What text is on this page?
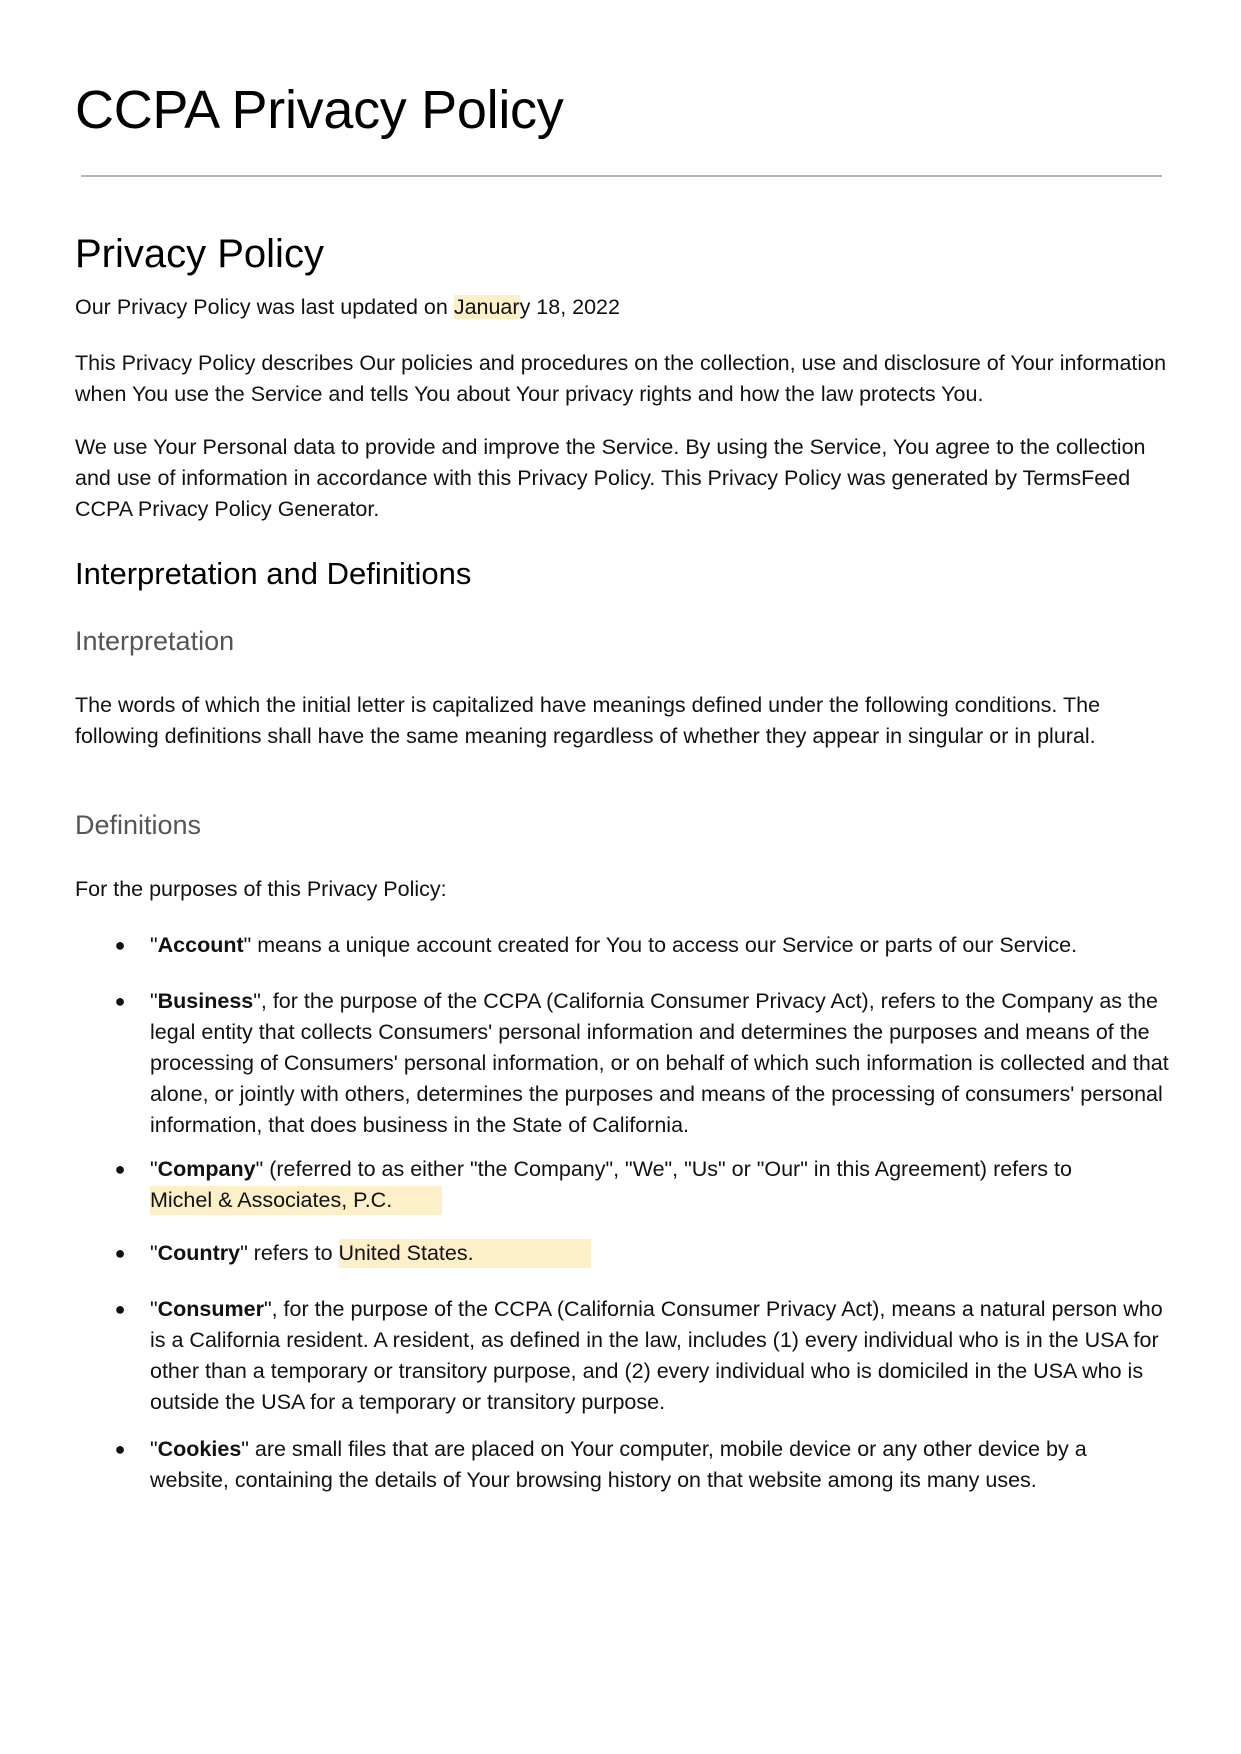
CCPA Privacy Policy
Privacy Policy

Our Privacy Policy was last updated on January 18, 2022

This Privacy Policy describes Our policies and procedures on the collection, use and disclosure of Your information when You use the Service and tells You about Your privacy rights and how the law protects You.

We use Your Personal data to provide and improve the Service. By using the Service, You agree to the collection and use of information in accordance with this Privacy Policy. This Privacy Policy was generated by TermsFeed CCPA Privacy Policy Generator.

Interpretation and Definitions
Interpretation

The words of which the initial letter is capitalized have meanings defined under the following conditions. The following definitions shall have the same meaning regardless of whether they appear in singular or in plural.

Definitions

For the purposes of this Privacy Policy:

● "Account" means a unique account created for You to access our Service or parts of our Service.
● "Business", for the purpose of the CCPA (California Consumer Privacy Act), refers to the Company as the legal entity that collects Consumers' personal information and determines the purposes and means of the processing of Consumers' personal information, or on behalf of which such information is collected and that alone, or jointly with others, determines the purposes and means of the processing of consumers' personal information, that does business in the State of California.
● "Company" (referred to as either "the Company", "We", "Us" or "Our" in this Agreement) refers to
Michel & Associates, P.C.
● "Country" refers to United States.
● "Consumer", for the purpose of the CCPA (California Consumer Privacy Act), means a natural person who is a California resident. A resident, as defined in the law, includes (1) every individual who is in the USA for other than a temporary or transitory purpose, and (2) every individual who is domiciled in the USA who is outside the USA for a temporary or transitory purpose.
● "Cookies" are small files that are placed on Your computer, mobile device or any other device by a website, containing the details of Your browsing history on that website among its many uses.
